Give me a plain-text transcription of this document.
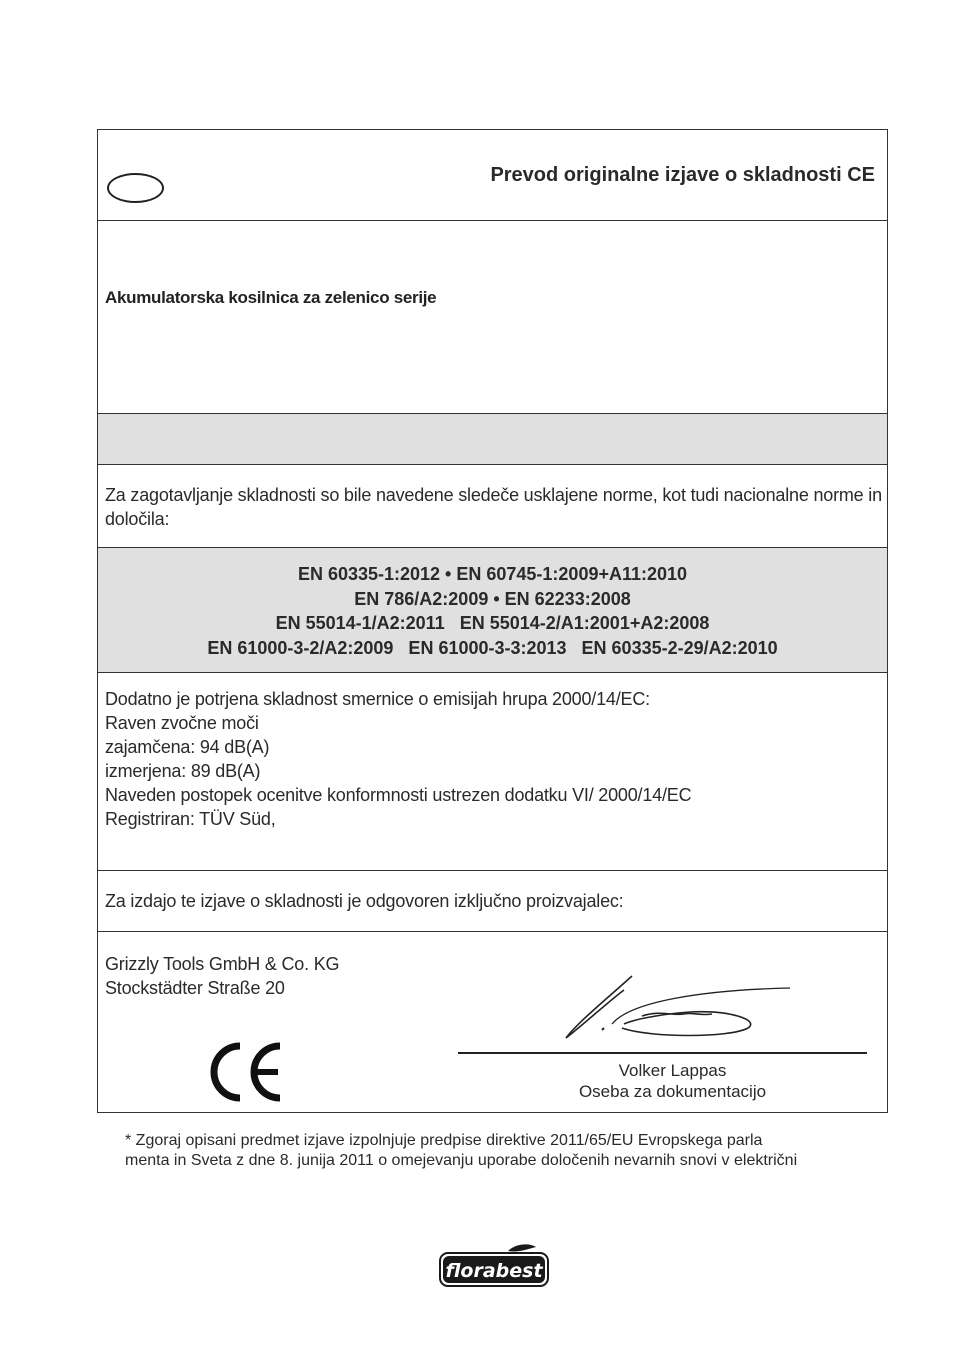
Prevod originalne izjave o skladnosti CE
Akumulatorska kosilnica za zelenico serije
Za zagotavljanje skladnosti so bile navedene sledeče usklajene norme, kot tudi nacionalne norme in določila:
EN 60335-1:2012 • EN 60745-1:2009+A11:2010
EN 786/A2:2009 • EN 62233:2008
EN 55014-1/A2:2011   EN 55014-2/A1:2001+A2:2008
EN 61000-3-2/A2:2009   EN 61000-3-3:2013   EN 60335-2-29/A2:2010
Dodatno je potrjena skladnost smernice o emisijah hrupa 2000/14/EC:
Raven zvočne moči
zajamčena: 94 dB(A)
izmerjena: 89 dB(A)
Naveden postopek ocenitve konformnosti ustrezen dodatku VI/ 2000/14/EC
Registriran: TÜV Süd,
Za izdajo te izjave o skladnosti je odgovoren izključno proizvajalec:
Grizzly Tools GmbH & Co. KG
Stockstädter Straße 20
Volker Lappas
Oseba za dokumentacijo
* Zgoraj opisani predmet izjave izpolnjuje predpise direktive 2011/65/EU Evropskega parla
menta in Sveta z dne 8. junija 2011 o omejevanju uporabe določenih nevarnih snovi v električni
florabest
